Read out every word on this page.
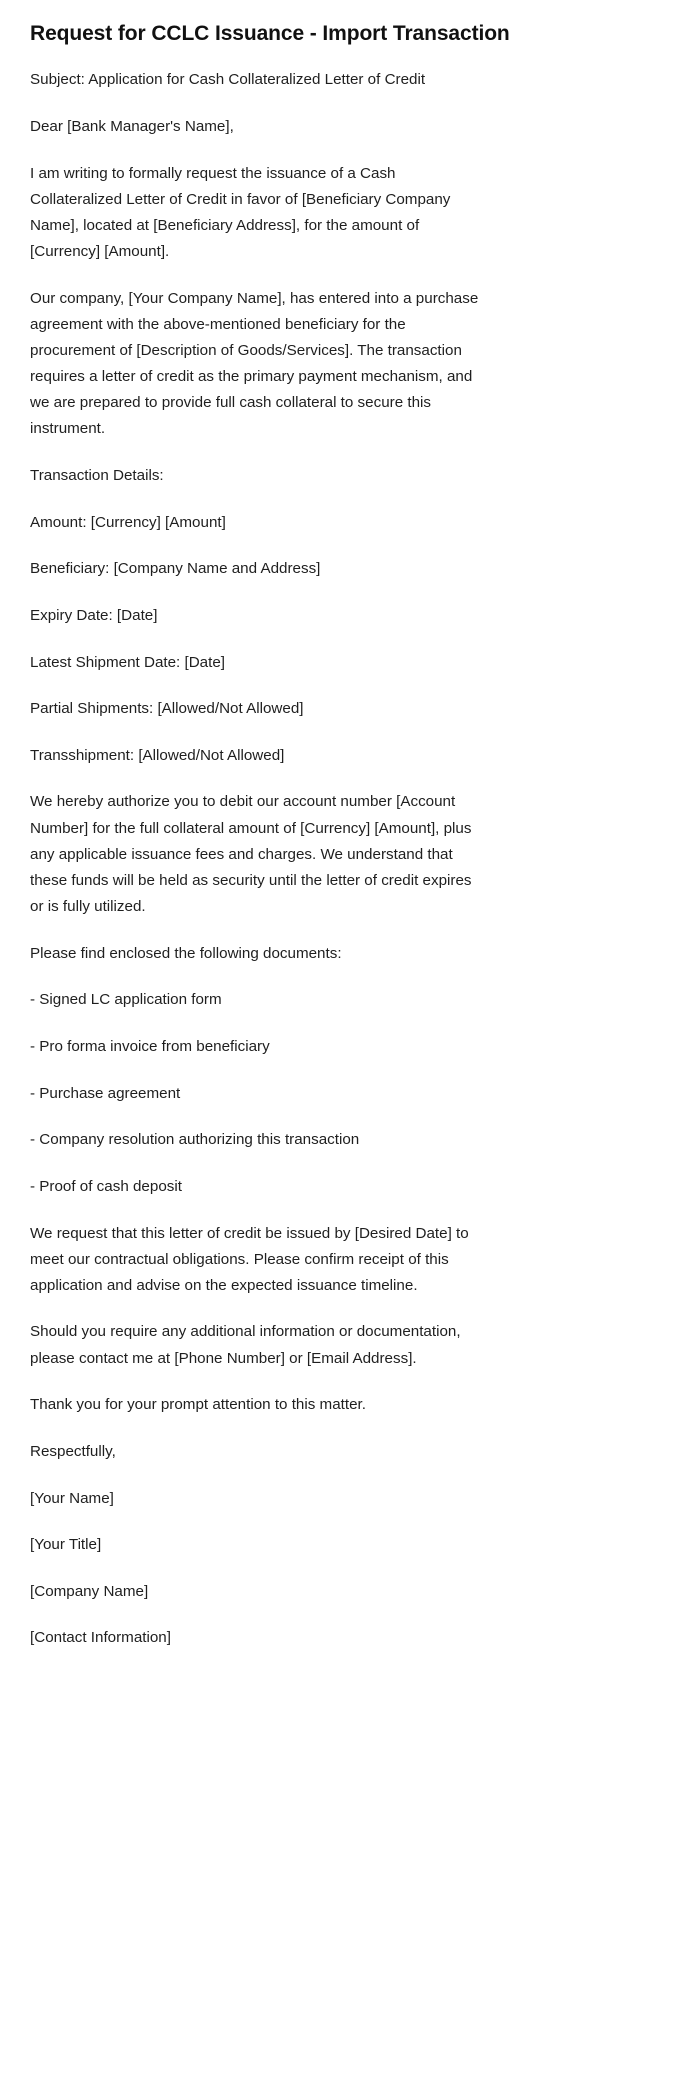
Request for CCLC Issuance - Import Transaction

Subject: Application for Cash Collateralized Letter of Credit

Dear [Bank Manager's Name],

I am writing to formally request the issuance of a Cash Collateralized Letter of Credit in favor of [Beneficiary Company Name], located at [Beneficiary Address], for the amount of [Currency] [Amount].

Our company, [Your Company Name], has entered into a purchase agreement with the above-mentioned beneficiary for the procurement of [Description of Goods/Services]. The transaction requires a letter of credit as the primary payment mechanism, and we are prepared to provide full cash collateral to secure this instrument.

Transaction Details:

Amount: [Currency] [Amount]

Beneficiary: [Company Name and Address]

Expiry Date: [Date]

Latest Shipment Date: [Date]

Partial Shipments: [Allowed/Not Allowed]

Transshipment: [Allowed/Not Allowed]

We hereby authorize you to debit our account number [Account Number] for the full collateral amount of [Currency] [Amount], plus any applicable issuance fees and charges. We understand that these funds will be held as security until the letter of credit expires or is fully utilized.

Please find enclosed the following documents:

- Signed LC application form

- Pro forma invoice from beneficiary

- Purchase agreement

- Company resolution authorizing this transaction

- Proof of cash deposit

We request that this letter of credit be issued by [Desired Date] to meet our contractual obligations. Please confirm receipt of this application and advise on the expected issuance timeline.

Should you require any additional information or documentation, please contact me at [Phone Number] or [Email Address].

Thank you for your prompt attention to this matter.

Respectfully,

[Your Name]

[Your Title]

[Company Name]

[Contact Information]
